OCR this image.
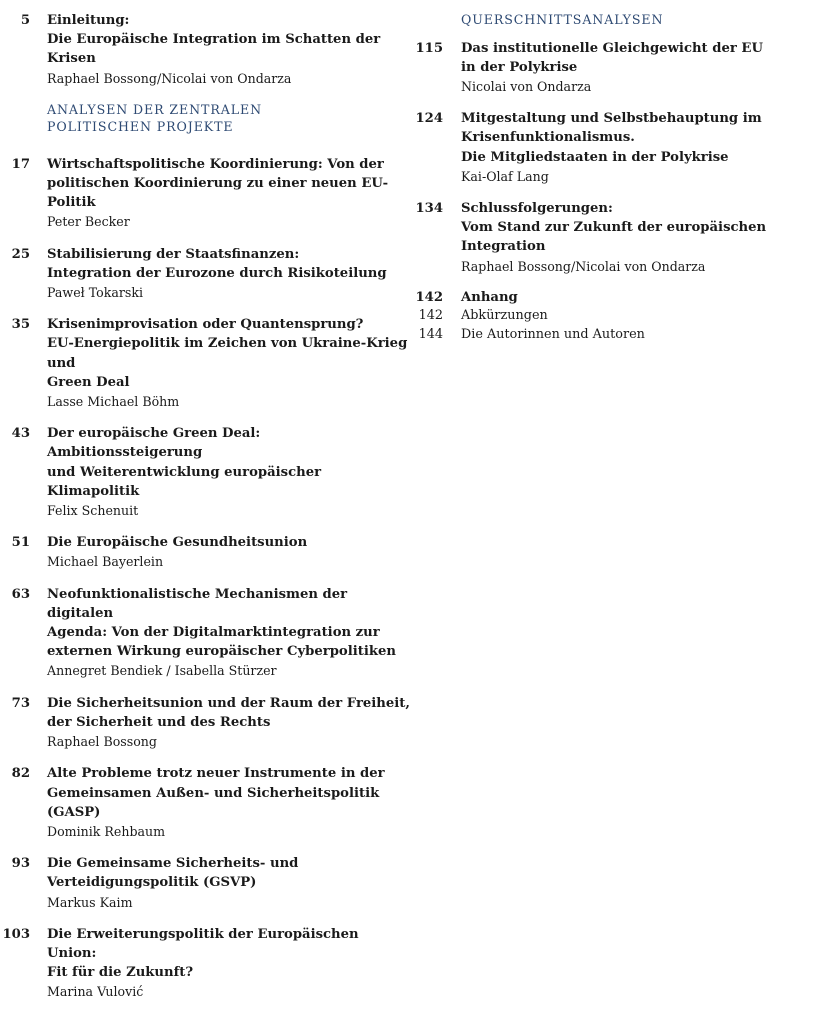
5 Einleitung:
Die Europäische Integration im Schatten der Krisen
Raphael Bossong/Nicolai von Ondarza
ANALYSEN DER ZENTRALEN
POLITISCHEN PROJEKTE
17 Wirtschaftspolitische Koordinierung: Von der
politischen Koordinierung zu einer neuen EU-Politik
Peter Becker
25 Stabilisierung der Staatsfinanzen:
Integration der Eurozone durch Risikoteilung
Paweł Tokarski
35 Krisenimprovisation oder Quantensprung?
EU-Energiepolitik im Zeichen von Ukraine-Krieg und
Green Deal
Lasse Michael Böhm
43 Der europäische Green Deal: Ambitionssteigerung
und Weiterentwicklung europäischer Klimapolitik
Felix Schenuit
51 Die Europäische Gesundheitsunion
Michael Bayerlein
63 Neofunktionalistische Mechanismen der digitalen
Agenda: Von der Digitalmarktintegration zur
externen Wirkung europäischer Cyberpolitiken
Annegret Bendiek / Isabella Stürzer
73 Die Sicherheitsunion und der Raum der Freiheit,
der Sicherheit und des Rechts
Raphael Bossong
82 Alte Probleme trotz neuer Instrumente in der
Gemeinsamen Außen- und Sicherheitspolitik (GASP)
Dominik Rehbaum
93 Die Gemeinsame Sicherheits- und
Verteidigungspolitik (GSVP)
Markus Kaim
103 Die Erweiterungspolitik der Europäischen Union:
Fit für die Zukunft?
Marina Vulović
QUERSCHNITTSANALYSEN
115 Das institutionelle Gleichgewicht der EU
in der Polykrise
Nicolai von Ondarza
124 Mitgestaltung und Selbstbehauptung im
Krisenfunktionalismus.
Die Mitgliedstaaten in der Polykrise
Kai-Olaf Lang
134 Schlussfolgerungen:
Vom Stand zur Zukunft der europäischen Integration
Raphael Bossong/Nicolai von Ondarza
142 Anhang
142 Abkürzungen
144 Die Autorinnen und Autoren
